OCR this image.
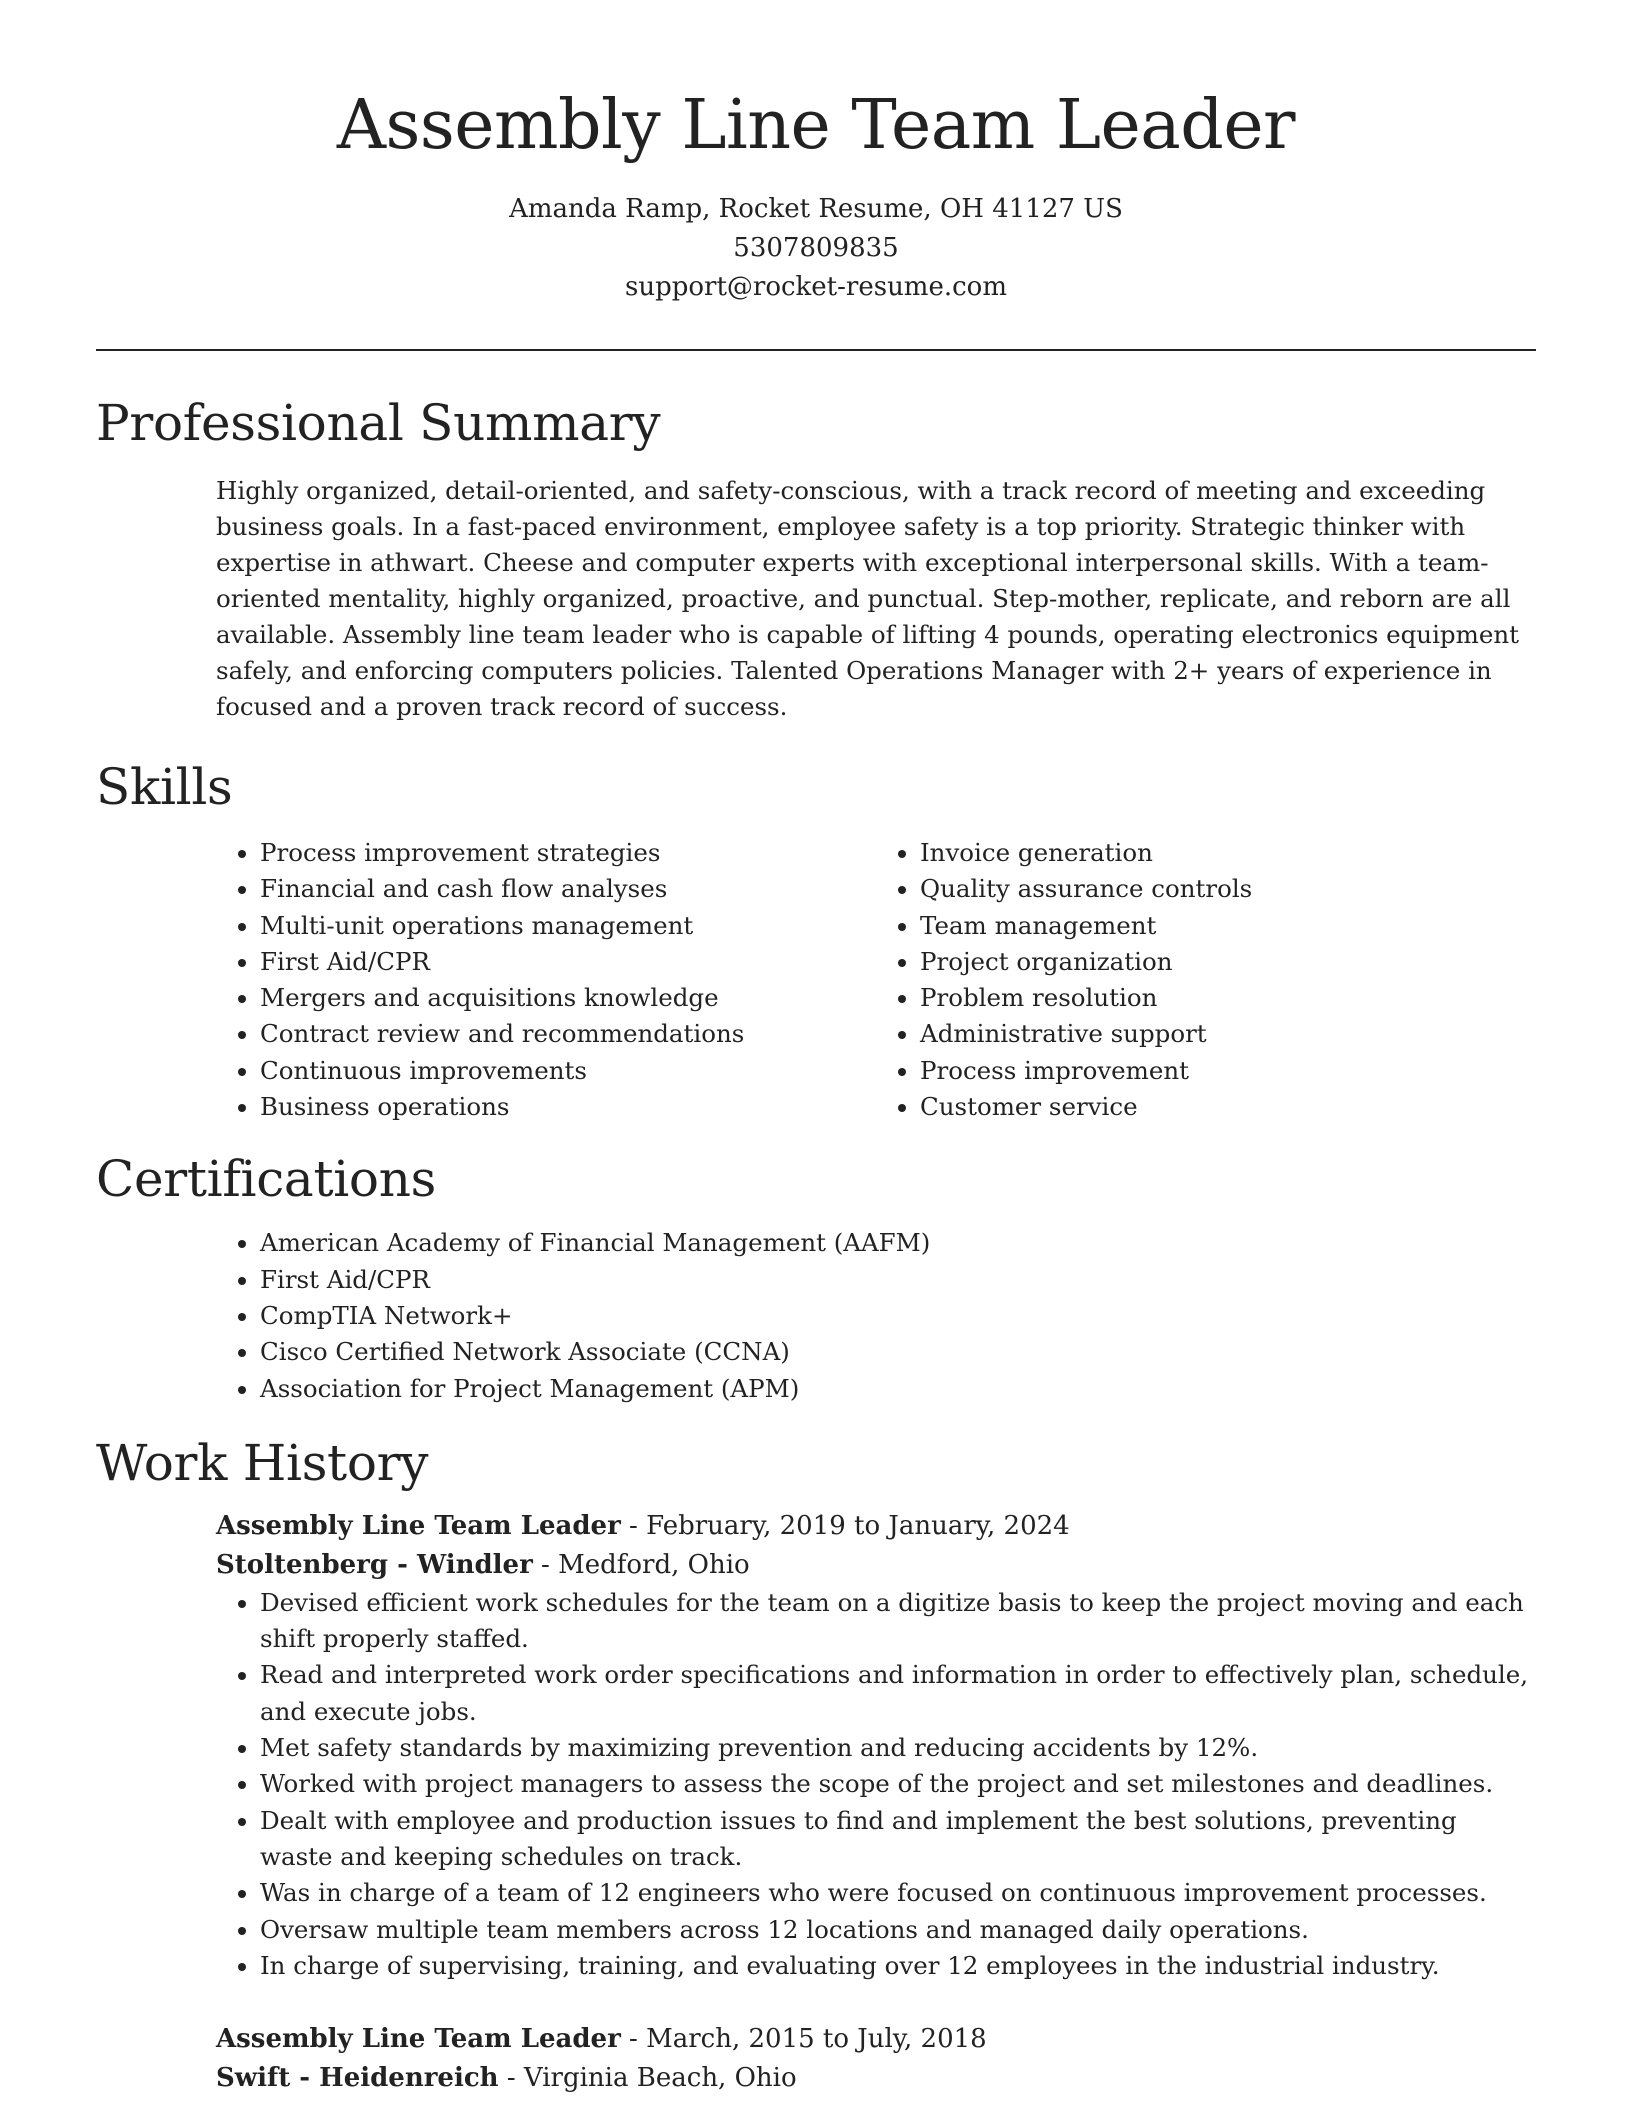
Assembly Line Team Leader
Amanda Ramp, Rocket Resume, OH 41127 US
5307809835
support@rocket-resume.com
Professional Summary

Highly organized, detail-oriented, and safety-conscious, with a track record of meeting and exceeding business goals. In a fast-paced environment, employee safety is a top priority. Strategic thinker with expertise in athwart. Cheese and computer experts with exceptional interpersonal skills. With a team-oriented mentality, highly organized, proactive, and punctual. Step-mother, replicate, and reborn are all available. Assembly line team leader who is capable of lifting 4 pounds, operating electronics equipment safely, and enforcing computers policies. Talented Operations Manager with 2+ years of experience in focused and a proven track record of success.

Skills
• Process improvement strategies
• Financial and cash flow analyses
• Multi-unit operations management
• First Aid/CPR
• Mergers and acquisitions knowledge
• Contract review and recommendations
• Continuous improvements
• Business operations
• Invoice generation
• Quality assurance controls
• Team management
• Project organization
• Problem resolution
• Administrative support
• Process improvement
• Customer service
Certifications
• American Academy of Financial Management (AAFM)
• First Aid/CPR
• CompTIA Network+
• Cisco Certified Network Associate (CCNA)
• Association for Project Management (APM)
Work History
Assembly Line Team Leader - February, 2019 to January, 2024
Stoltenberg - Windler - Medford, Ohio
• Devised efficient work schedules for the team on a digitize basis to keep the project moving and each shift properly staffed.
• Read and interpreted work order specifications and information in order to effectively plan, schedule, and execute jobs.
• Met safety standards by maximizing prevention and reducing accidents by 12%.
• Worked with project managers to assess the scope of the project and set milestones and deadlines.
• Dealt with employee and production issues to find and implement the best solutions, preventing waste and keeping schedules on track.
• Was in charge of a team of 12 engineers who were focused on continuous improvement processes.
• Oversaw multiple team members across 12 locations and managed daily operations.
• In charge of supervising, training, and evaluating over 12 employees in the industrial industry.
Assembly Line Team Leader - March, 2015 to July, 2018
Swift - Heidenreich - Virginia Beach, Ohio
